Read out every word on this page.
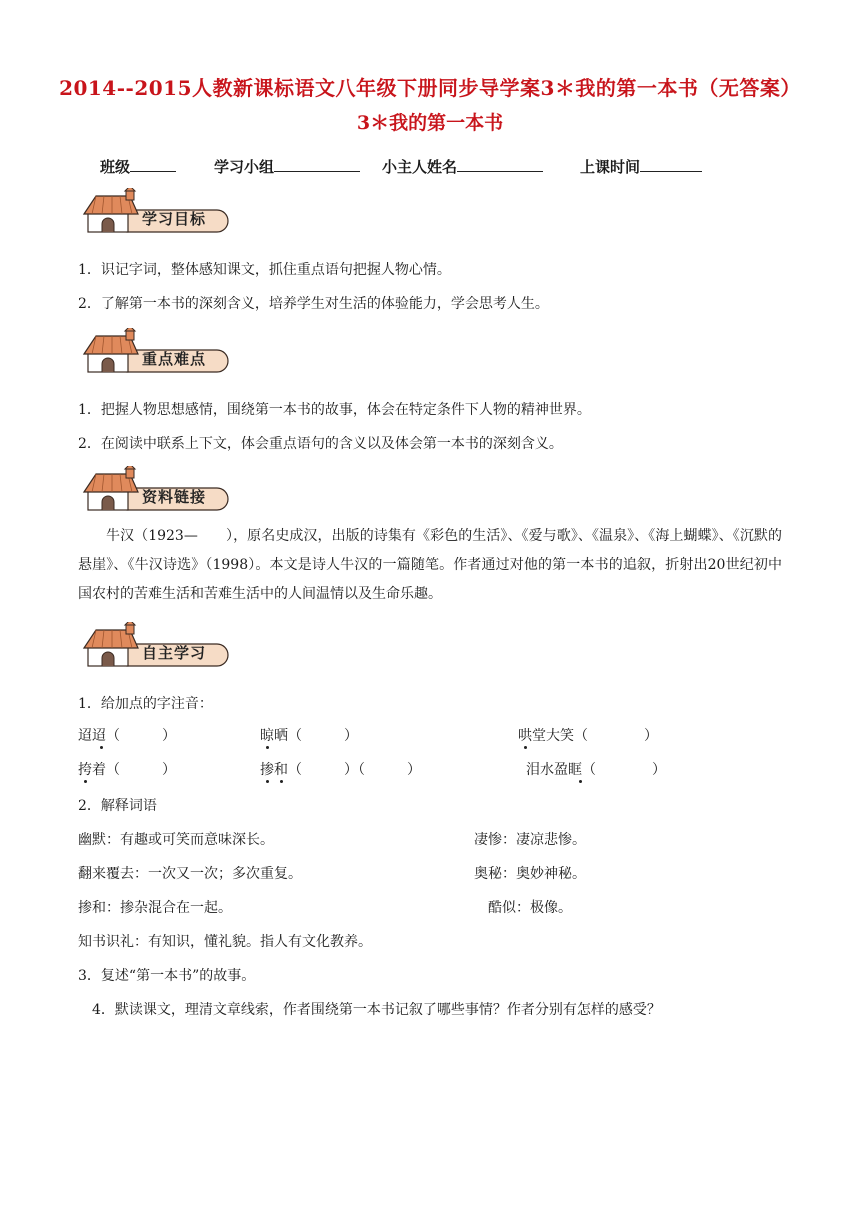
2014--2015人教新课标语文八年级下册同步导学案3＊我的第一本书（无答案）
3＊我的第一本书
班级	学习小组	小主人姓名	上课时间
学习目标
1．识记字词，整体感知课文，抓住重点语句把握人物心情。
2．了解第一本书的深刻含义，培养学生对生活的体验能力，学会思考人生。
重点难点
1．把握人物思想感情，围绕第一本书的故事，体会在特定条件下人物的精神世界。
2．在阅读中联系上下文，体会重点语句的含义以及体会第一本书的深刻含义。
资料链接
牛汉（1923—　　），原名史成汉，出版的诗集有《彩色的生活》、《爱与歌》、《温泉》、《海上蝴蝶》、《沉默的悬崖》、《牛汉诗选》（1998）。本文是诗人牛汉的一篇随笔。作者通过对他的第一本书的追叙，折射出20世纪初中国农村的苦难生活和苦难生活中的人间温情以及生命乐趣。
自主学习
1．给加点的字注音：
迢迢（　　　）	晾晒（　　　）	哄堂大笑（　　　　）
挎着（　　　）	掺和（　　　）（　　　）	泪水盈眶（　　　　）
2．解释词语
幽默：有趣或可笑而意味深长。	凄惨：凄凉悲惨。
翻来覆去：一次又一次；多次重复。	奥秘：奥妙神秘。
掺和：掺杂混合在一起。	酷似：极像。
知书识礼：有知识，懂礼貌。指人有文化教养。
3．复述“第一本书”的故事。
4．默读课文，理清文章线索，作者围绕第一本书记叙了哪些事情？作者分别有怎样的感受？
